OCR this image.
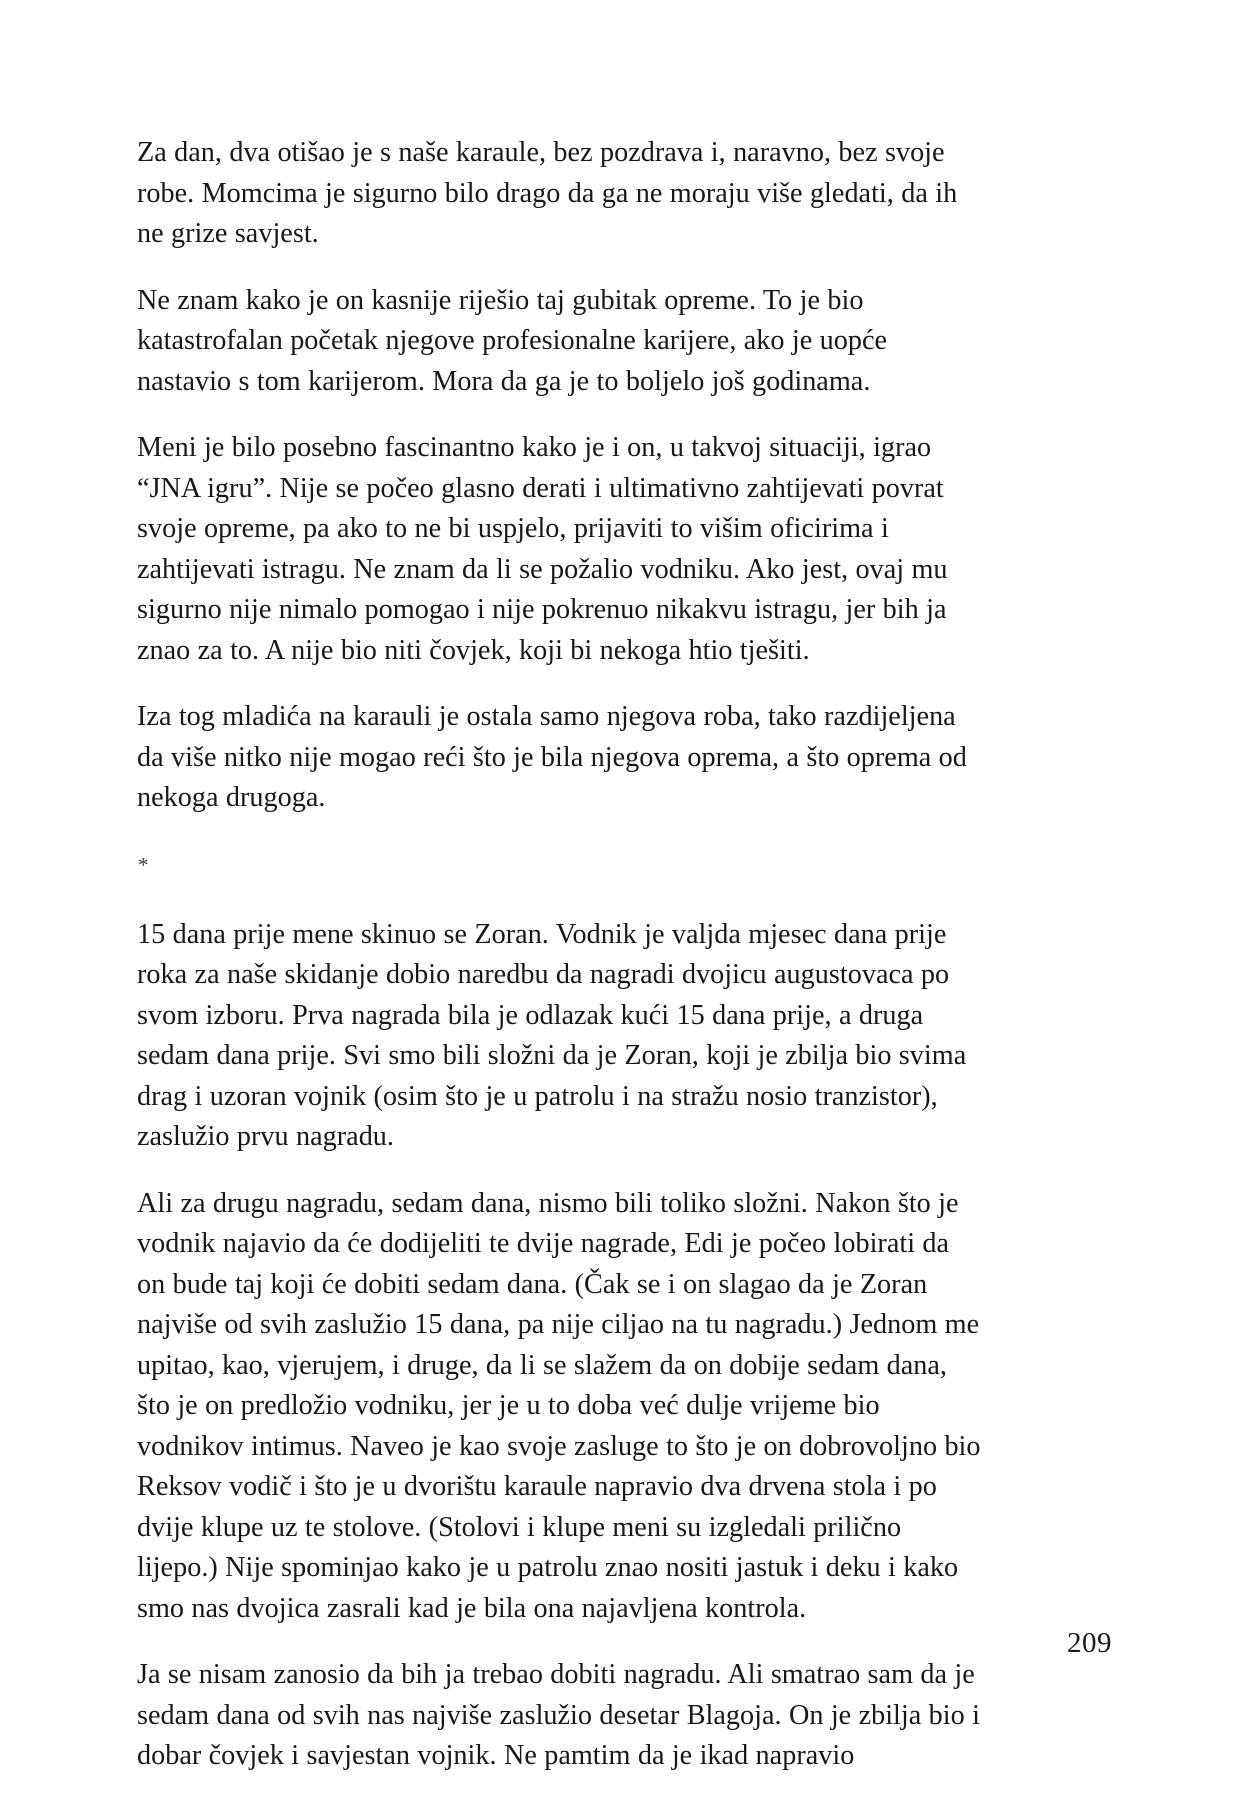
Za dan, dva otišao je s naše karaule, bez pozdrava i, naravno, bez svoje robe. Momcima je sigurno bilo drago da ga ne moraju više gledati, da ih ne grize savjest.

Ne znam kako je on kasnije riješio taj gubitak opreme. To je bio katastrofalan početak njegove profesionalne karijere, ako je uopće nastavio s tom karijerom. Mora da ga je to boljelo još godinama.

Meni je bilo posebno fascinantno kako je i on, u takvoj situaciji, igrao “JNA igru”. Nije se počeo glasno derati i ultimativno zahtijevati povrat svoje opreme, pa ako to ne bi uspjelo, prijaviti to višim oficirima i zahtijevati istragu. Ne znam da li se požalio vodniku. Ako jest, ovaj mu sigurno nije nimalo pomogao i nije pokrenuo nikakvu istragu, jer bih ja znao za to. A nije bio niti čovjek, koji bi nekoga htio tješiti.

Iza tog mladića na karauli je ostala samo njegova roba, tako razdijeljena da više nitko nije mogao reći što je bila njegova oprema, a što oprema od nekoga drugoga.

*

15 dana prije mene skinuo se Zoran. Vodnik je valjda mjesec dana prije roka za naše skidanje dobio naredbu da nagradi dvojicu augustovaca po svom izboru. Prva nagrada bila je odlazak kući 15 dana prije, a druga sedam dana prije. Svi smo bili složni da je Zoran, koji je zbilja bio svima drag i uzoran vojnik (osim što je u patrolu i na stražu nosio tranzistor), zaslužio prvu nagradu.

Ali za drugu nagradu, sedam dana, nismo bili toliko složni. Nakon što je vodnik najavio da će dodijeliti te dvije nagrade, Edi je počeo lobirati da on bude taj koji će dobiti sedam dana. (Čak se i on slagao da je Zoran najviše od svih zaslužio 15 dana, pa nije ciljao na tu nagradu.) Jednom me upitao, kao, vjerujem, i druge, da li se slažem da on dobije sedam dana, što je on predložio vodniku, jer je u to doba već dulje vrijeme bio vodnikov intimus. Naveo je kao svoje zasluge to što je on dobrovoljno bio Reksov vodič i što je u dvorištu karaule napravio dva drvena stola i po dvije klupe uz te stolove. (Stolovi i klupe meni su izgledali prilično lijepo.) Nije spominjao kako je u patrolu znao nositi jastuk i deku i kako smo nas dvojica zasrali kad je bila ona najavljena kontrola.

Ja se nisam zanosio da bih ja trebao dobiti nagradu. Ali smatrao sam da je sedam dana od svih nas najviše zaslužio desetar Blagoja. On je zbilja bio i dobar čovjek i savjestan vojnik. Ne pamtim da je ikad napravio

209
